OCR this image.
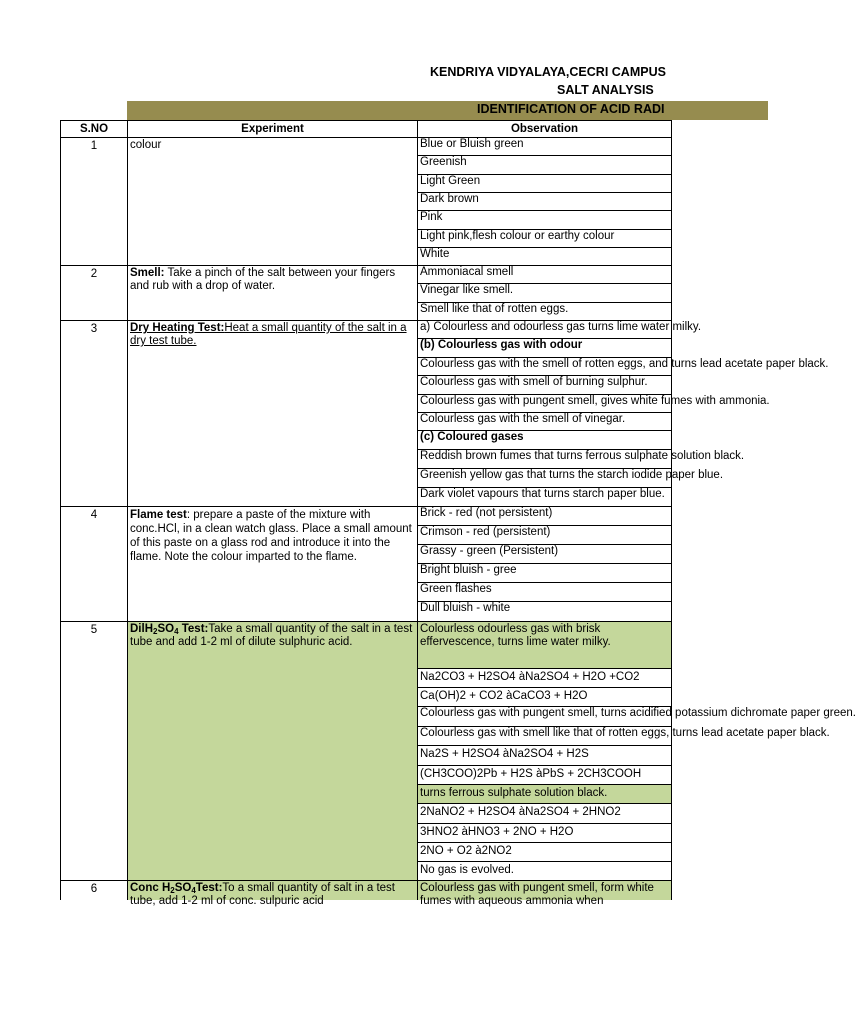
KENDRIYA VIDYALAYA,CECRI CAMPUS
SALT ANALYSIS
IDENTIFICATION OF ACID RADI
S.NO	Experiment	Observation
1	colour	Blue or Bluish green
Greenish
Light Green
Dark brown
Pink
Light pink,flesh colour or earthy colour
White
2	Smell: Take a pinch of the salt between your fingers and rub with a drop of water.
Ammoniacal smell
Vinegar like smell.
Smell like that of rotten eggs.
3	Dry Heating Test:Heat a small quantity of the salt in a dry test tube.
a) Colourless and odourless gas turns lime water milky.
(b) Colourless gas with odour
Colourless gas with the smell of rotten eggs, and turns lead acetate paper black.
Colourless gas with smell of burning sulphur.
Colourless gas with pungent smell, gives white fumes with ammonia.
Colourless gas with the smell of vinegar.
(c) Coloured gases
Reddish brown fumes that turns ferrous sulphate solution black.
Greenish yellow gas that turns the starch iodide paper blue.
Dark violet vapours that turns starch paper blue.
4	Flame test: prepare a paste of the mixture with conc.HCl, in a clean watch glass. Place a small amount of this paste on a glass rod and introduce it into the flame. Note the colour imparted to the flame.
Brick - red (not persistent)
Crimson - red (persistent)
Grassy - green (Persistent)
Bright bluish - gree
Green flashes
Dull bluish - white
5	$DilH_2SO_4$ Test:Take a small quantity of the salt in a test tube and add 1-2 ml of dilute sulphuric acid.
Colourless odourless gas with brisk effervescence, turns lime water milky.
Na2CO3 + H2SO4 àNa2SO4 + H2O +CO2
Ca(OH)2 + CO2 àCaCO3 + H2O
Colourless gas with pungent smell, turns acidified potassium dichromate paper green.
Colourless gas with smell like that of rotten eggs, turns lead acetate paper black.
Na2S + H2SO4 àNa2SO4 + H2S
(CH3COO)2Pb + H2S àPbS + 2CH3COOH
turns ferrous sulphate solution black.
2NaNO2 + H2SO4 àNa2SO4 + 2HNO2
3HNO2 àHNO3 + 2NO + H2O
2NO + O2 à2NO2
No gas is evolved.
6	Conc $H_2SO_4Test:To$ a small quantity of salt in a test tube, add 1-2 ml of conc. sulpuric acid
Colourless gas with pungent smell, form white fumes with aqueous ammonia when
